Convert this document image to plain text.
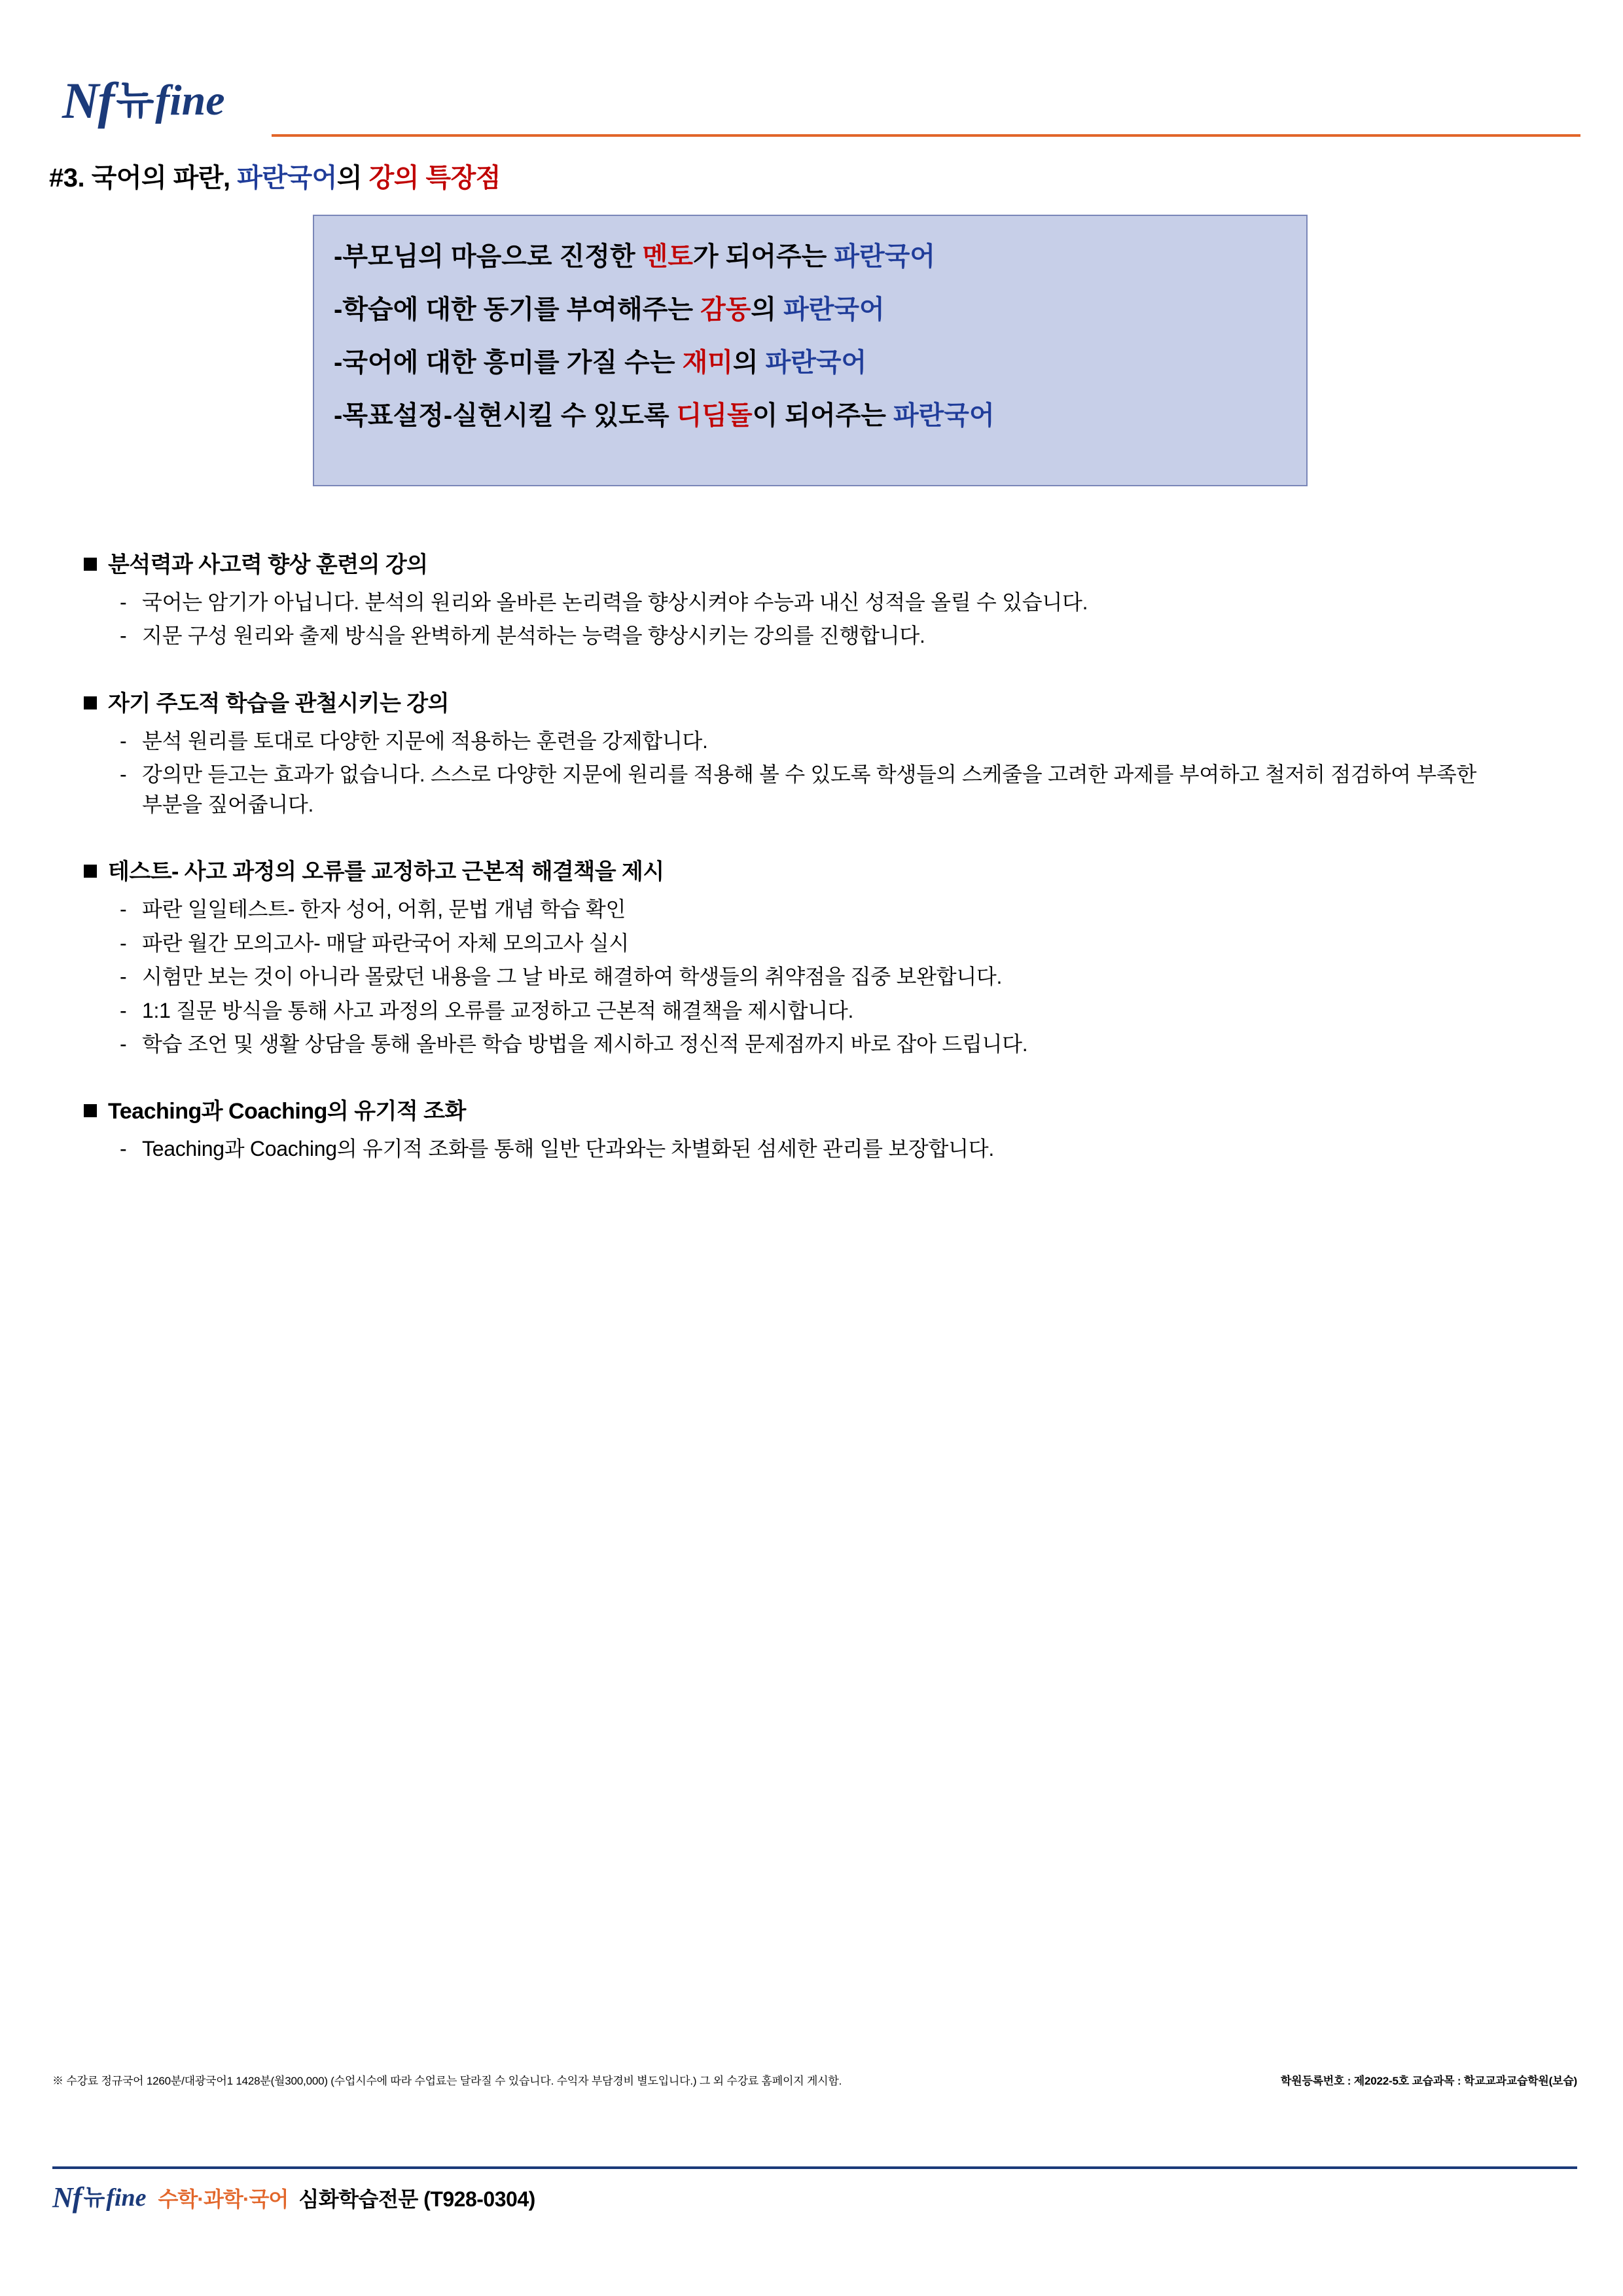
Nf 뉴 fine
#3. 국어의 파란, 파란국어의 강의 특장점
-부모님의 마음으로 진정한 멘토가 되어주는 파란국어
-학습에 대한 동기를 부여해주는 감동의 파란국어
-국어에 대한 흥미를 가질 수는 재미의 파란국어
-목표설정-실현시킬 수 있도록 디딤돌이 되어주는 파란국어
분석력과 사고력 향상 훈련의 강의
- 국어는 암기가 아닙니다. 분석의 원리와 올바른 논리력을 향상시켜야 수능과 내신 성적을 올릴 수 있습니다.
- 지문 구성 원리와 출제 방식을 완벽하게 분석하는 능력을 향상시키는 강의를 진행합니다.
자기 주도적 학습을 관철시키는 강의
- 분석 원리를 토대로 다양한 지문에 적용하는 훈련을 강제합니다.
- 강의만 듣고는 효과가 없습니다. 스스로 다양한 지문에 원리를 적용해 볼 수 있도록 학생들의 스케줄을 고려한 과제를 부여하고 철저히 점검하여 부족한 부분을 짚어줍니다.
테스트- 사고 과정의 오류를 교정하고 근본적 해결책을 제시
- 파란 일일테스트- 한자 성어, 어휘, 문법 개념 학습 확인
- 파란 월간 모의고사- 매달 파란국어 자체 모의고사 실시
- 시험만 보는 것이 아니라 몰랐던 내용을 그 날 바로 해결하여 학생들의 취약점을 집중 보완합니다.
- 1:1 질문 방식을 통해 사고 과정의 오류를 교정하고 근본적 해결책을 제시합니다.
- 학습 조언 및 생활 상담을 통해 올바른 학습 방법을 제시하고 정신적 문제점까지 바로 잡아 드립니다.
Teaching과 Coaching의 유기적 조화
- Teaching과 Coaching의 유기적 조화를 통해 일반 단과와는 차별화된 섬세한 관리를 보장합니다.
※ 수강료 정규국어 1260분/대광국어1 1428분(월300,000) (수업시수에 따라 수업료는 달라질 수 있습니다. 수익자 부담경비 별도입니다.) 그 외 수강료 홈페이지 게시함.	학원등록번호 : 제2022-5호 교습과목 : 학교교과교습학원(보습)
Nf 뉴 fine 수학·과학·국어 심화학습전문 (T928-0304)
